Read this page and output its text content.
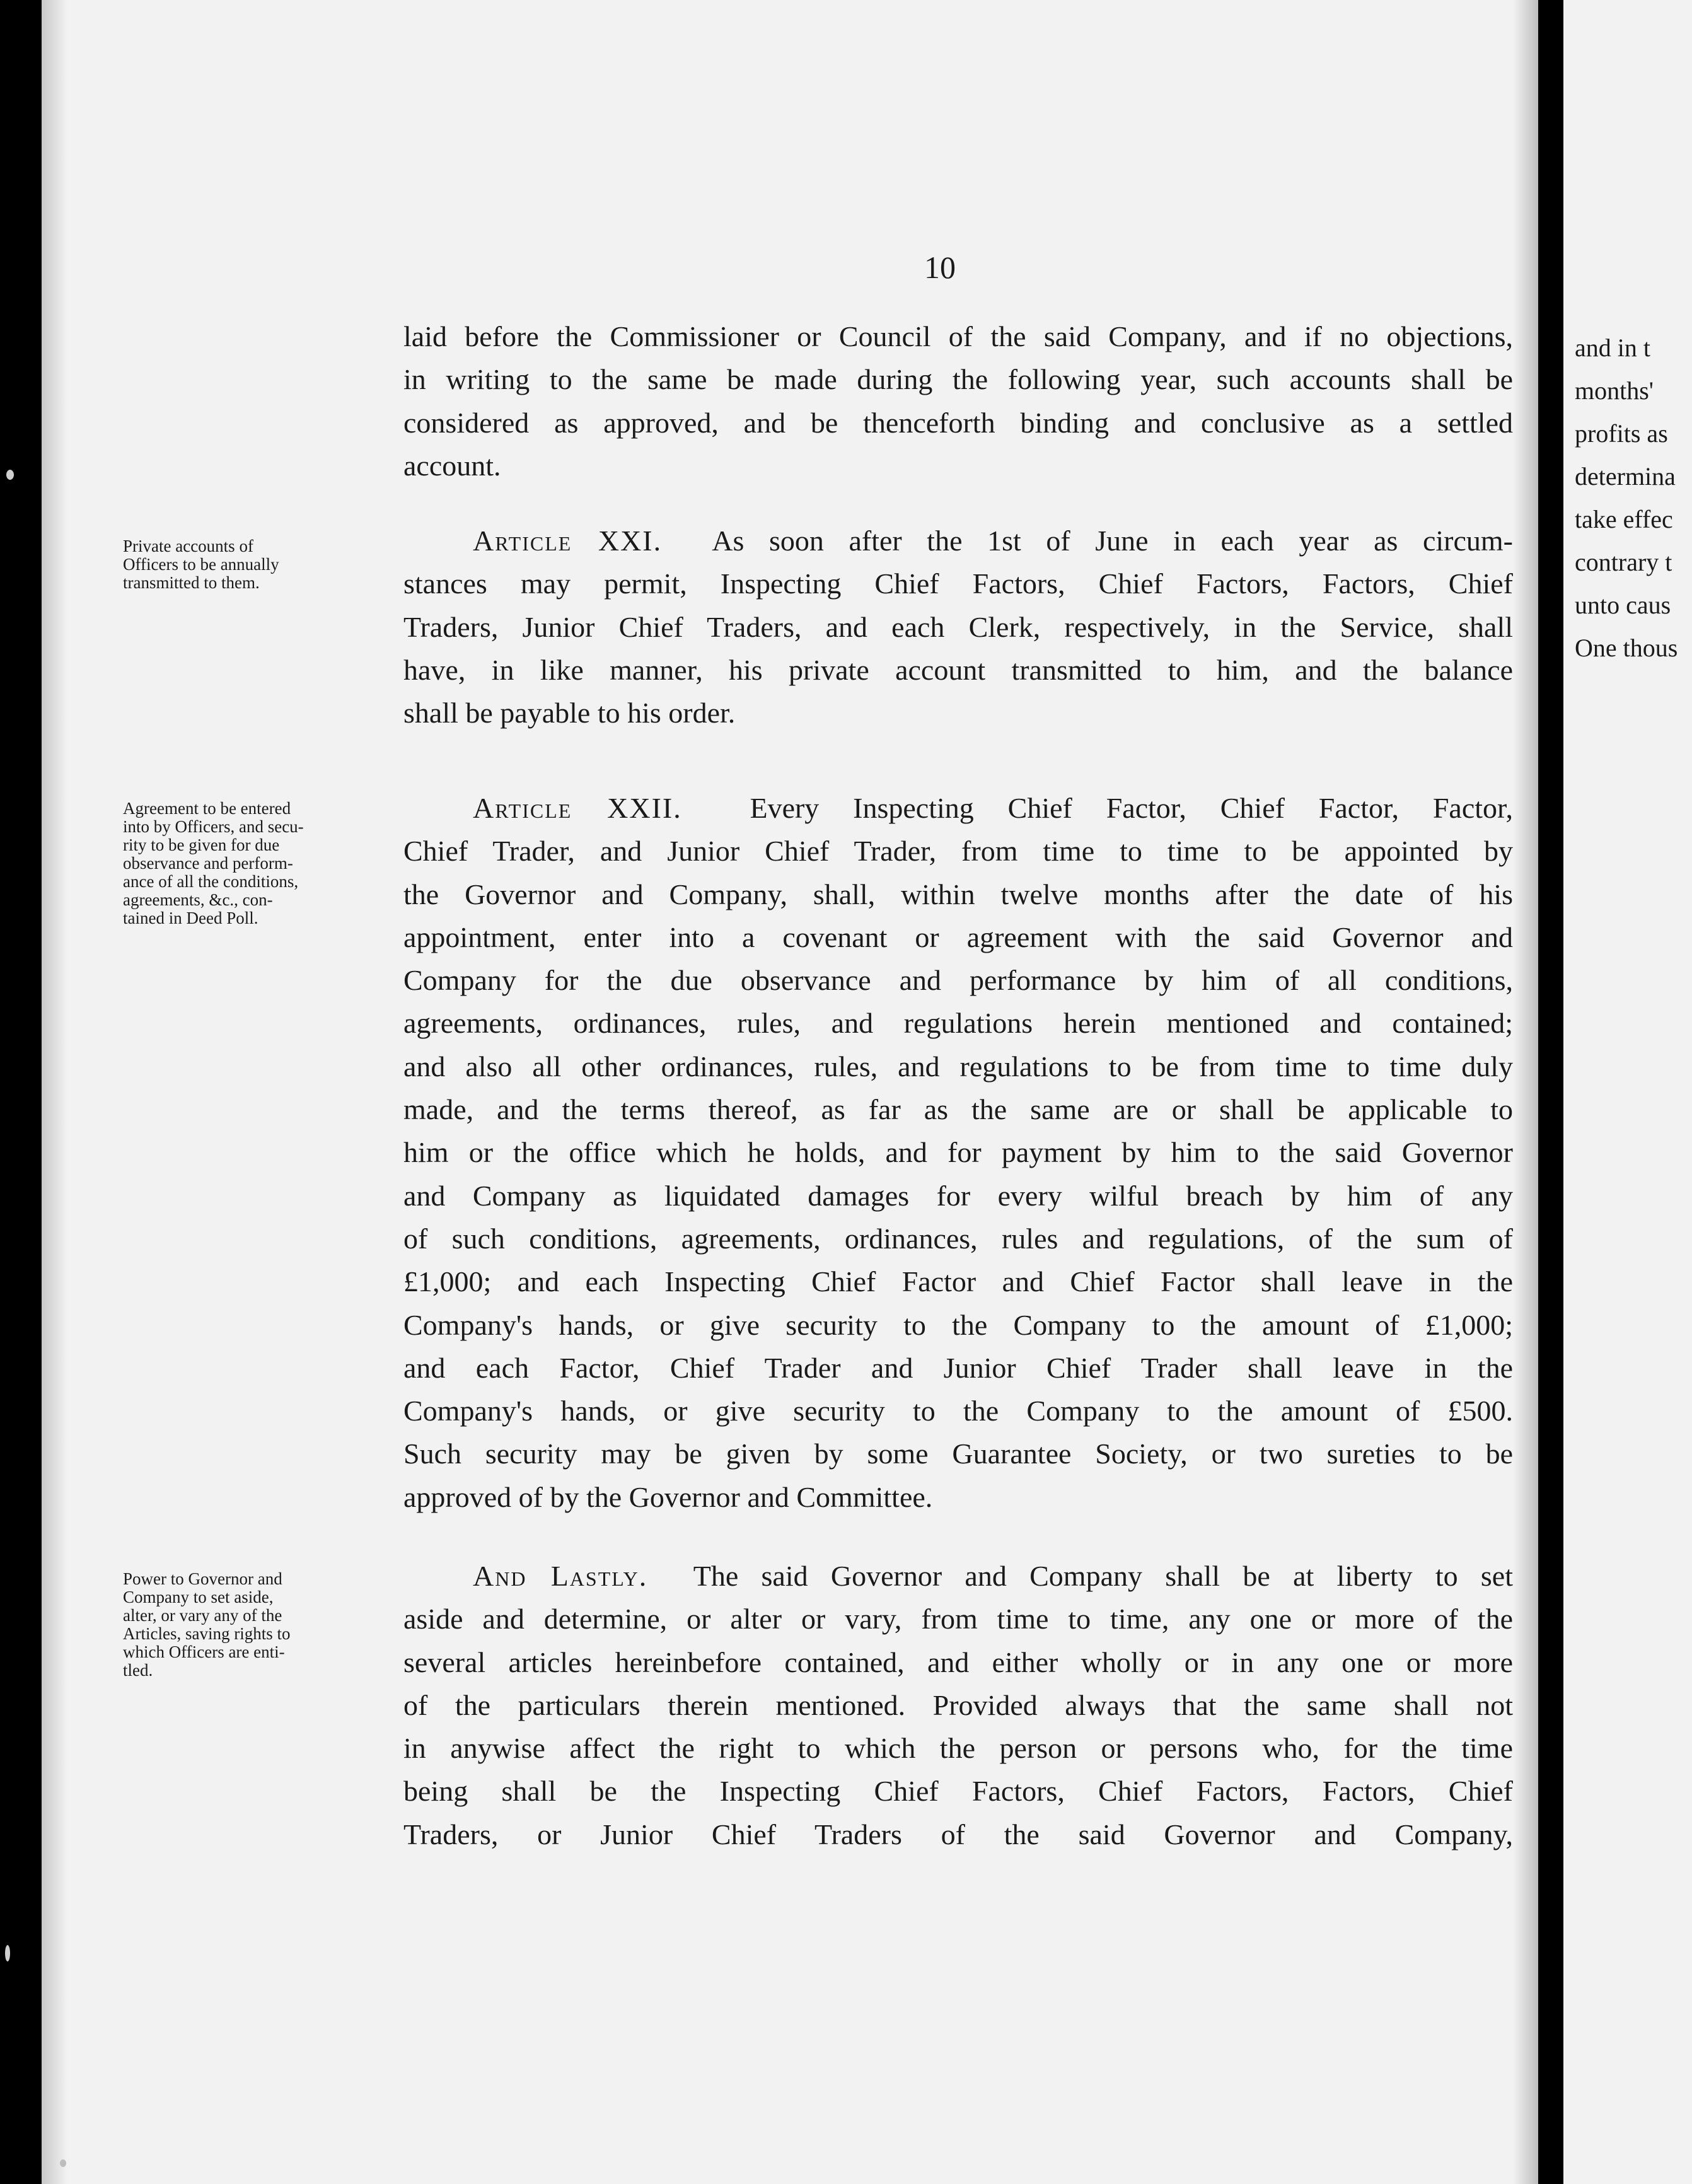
10

laid before the Commissioner or Council of the said Company, and if no objections,
in writing to the same be made during the following year, such accounts shall be
considered as approved, and be thenceforth binding and conclusive as a settled
account.

Article XXI. As soon after the 1st of June in each year as circum-
stances may permit, Inspecting Chief Factors, Chief Factors, Factors, Chief
Traders, Junior Chief Traders, and each Clerk, respectively, in the Service, shall
have, in like manner, his private account transmitted to him, and the balance
shall be payable to his order.

Article XXII. Every Inspecting Chief Factor, Chief Factor, Factor,
Chief Trader, and Junior Chief Trader, from time to time to be appointed by
the Governor and Company, shall, within twelve months after the date of his
appointment, enter into a covenant or agreement with the said Governor and
Company for the due observance and performance by him of all conditions,
agreements, ordinances, rules, and regulations herein mentioned and contained;
and also all other ordinances, rules, and regulations to be from time to time duly
made, and the terms thereof, as far as the same are or shall be applicable to
him or the office which he holds, and for payment by him to the said Governor
and Company as liquidated damages for every wilful breach by him of any
of such conditions, agreements, ordinances, rules and regulations, of the sum of
£1,000; and each Inspecting Chief Factor and Chief Factor shall leave in the
Company's hands, or give security to the Company to the amount of £1,000;
and each Factor, Chief Trader and Junior Chief Trader shall leave in the
Company's hands, or give security to the Company to the amount of £500.
Such security may be given by some Guarantee Society, or two sureties to be
approved of by the Governor and Committee.

And Lastly. The said Governor and Company shall be at liberty to set
aside and determine, or alter or vary, from time to time, any one or more of the
several articles hereinbefore contained, and either wholly or in any one or more
of the particulars therein mentioned. Provided always that the same shall not
in anywise affect the right to which the person or persons who, for the time
being shall be the Inspecting Chief Factors, Chief Factors, Factors, Chief
Traders, or Junior Chief Traders of the said Governor and Company,

Private accounts of
Officers to be annually
transmitted to them.

Agreement to be entered
into by Officers, and secu-
rity to be given for due
observance and perform-
ance of all the conditions,
agreements, &c., con-
tained in Deed Poll.

Power to Governor and
Company to set aside,
alter, or vary any of the
Articles, saving rights to
which Officers are enti-
tled.

and in t

months'

profits as

determina

take effec

contrary t

unto caus

One thous
